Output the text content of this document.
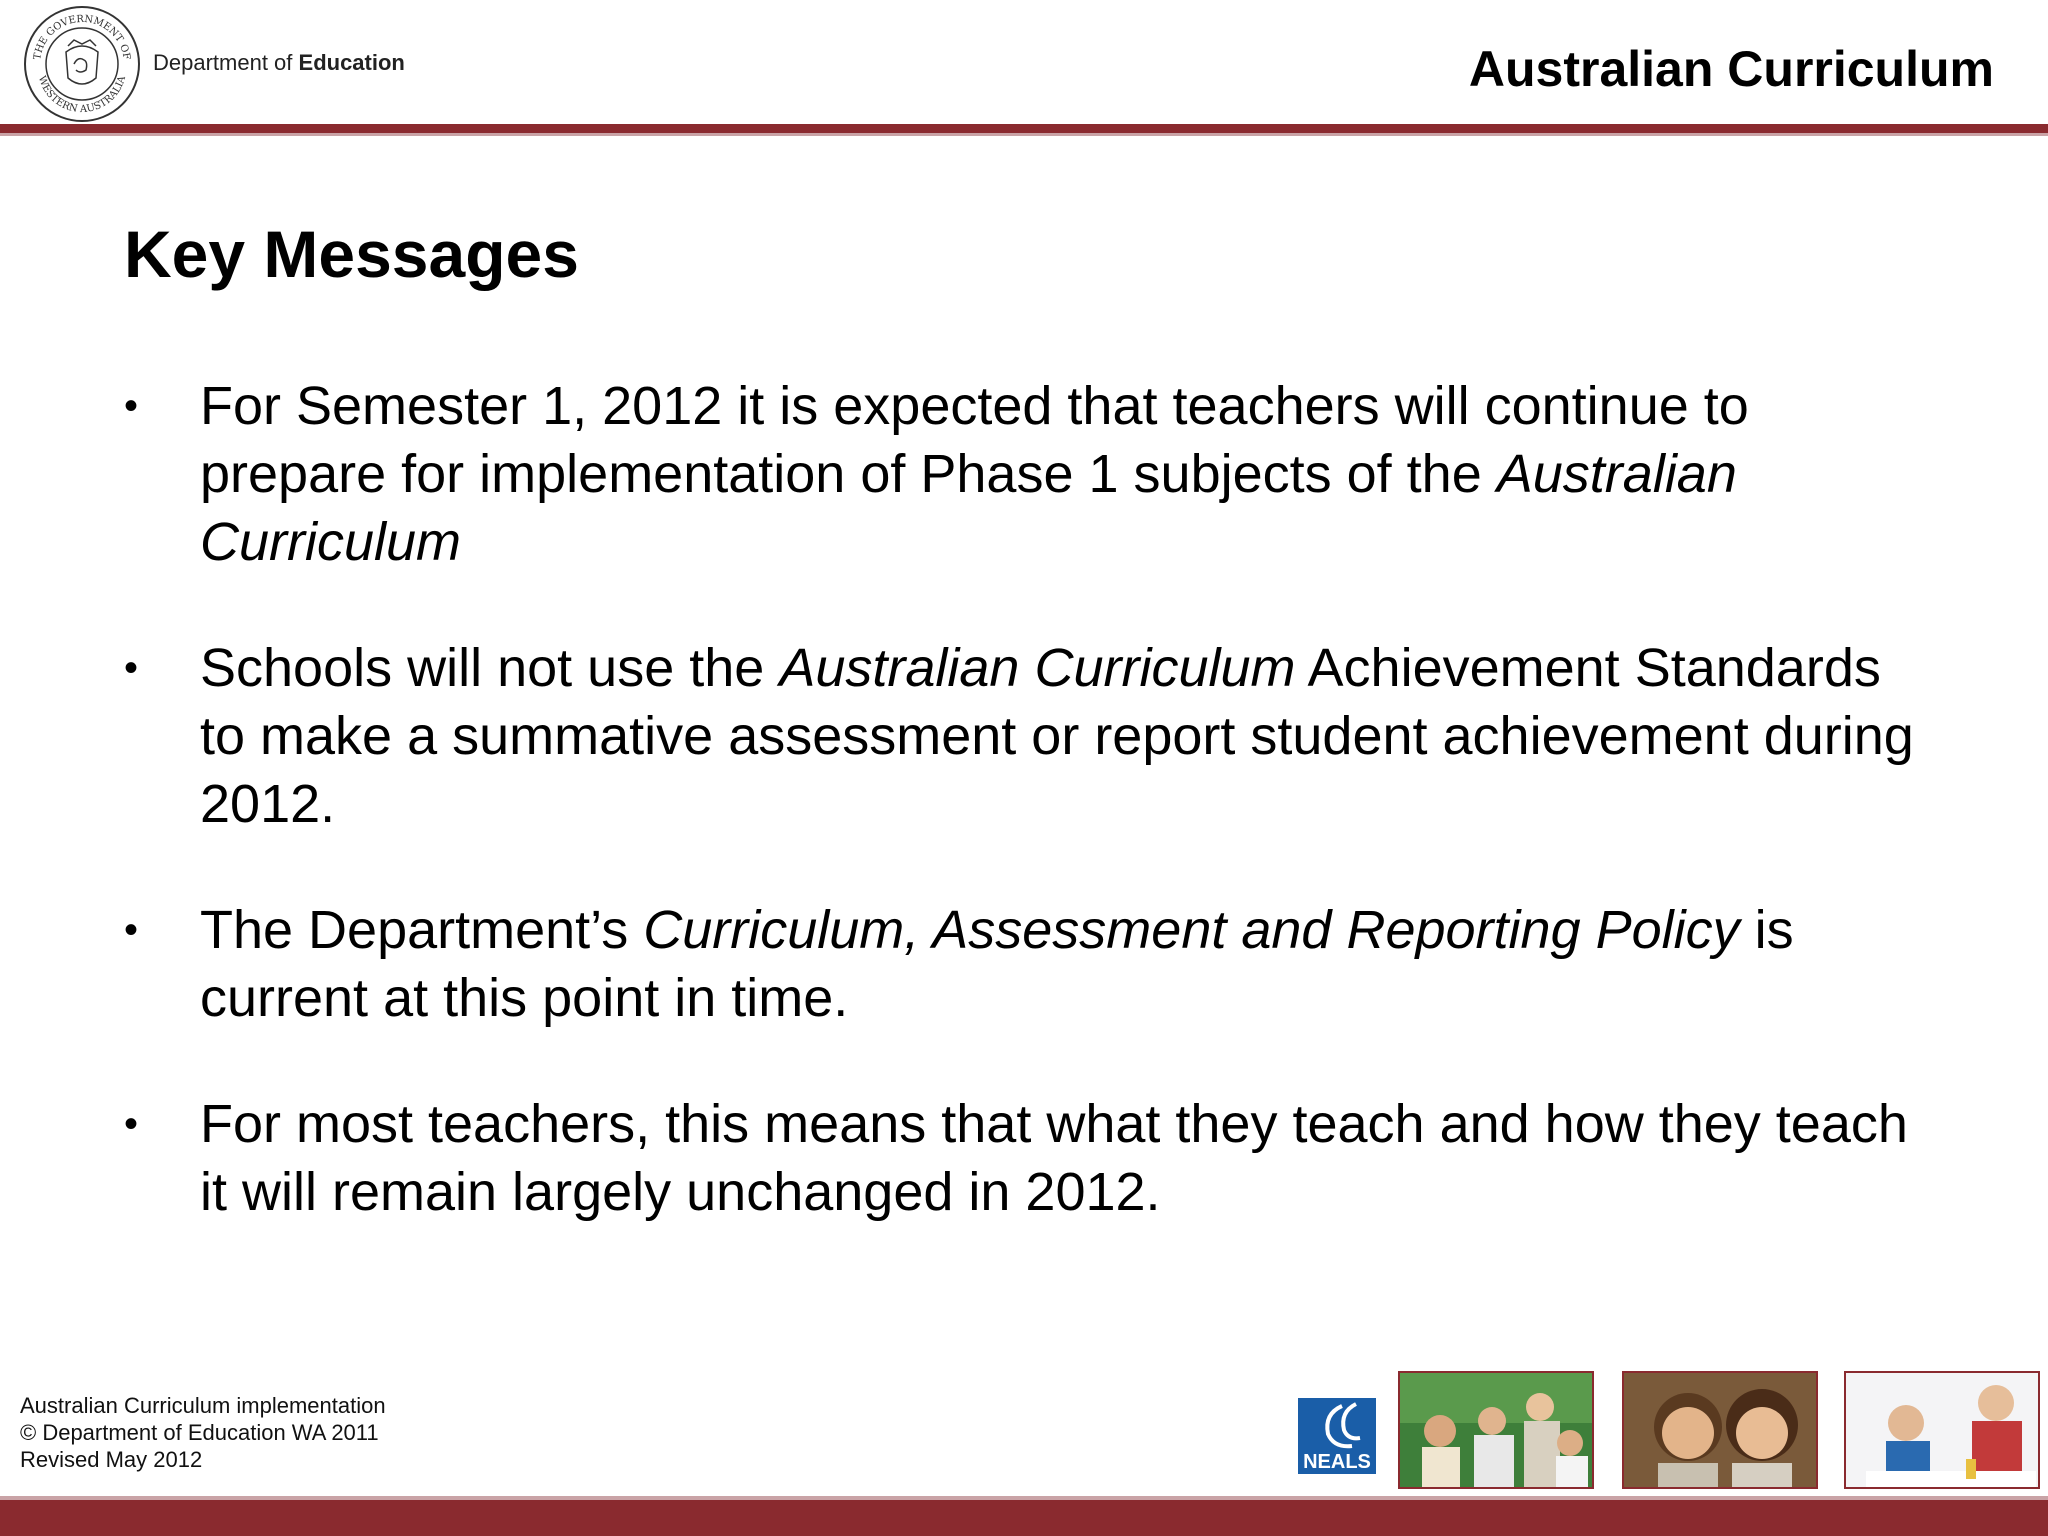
THE GOVERNMENT OF
WESTERN AUSTRALIA
Department of Education	Australian Curriculum
Key Messages
• For Semester 1, 2012 it is expected that teachers will continue to prepare for implementation of Phase 1 subjects of the Australian Curriculum
• Schools will not use the Australian Curriculum Achievement Standards to make a summative assessment or report student achievement during 2012.
• The Department’s Curriculum, Assessment and Reporting Policy is current at this point in time.
• For most teachers, this means that what they teach and how they teach it will remain largely unchanged in 2012.
Australian Curriculum implementation
© Department of Education WA 2011
Revised May 2012	NEALS
